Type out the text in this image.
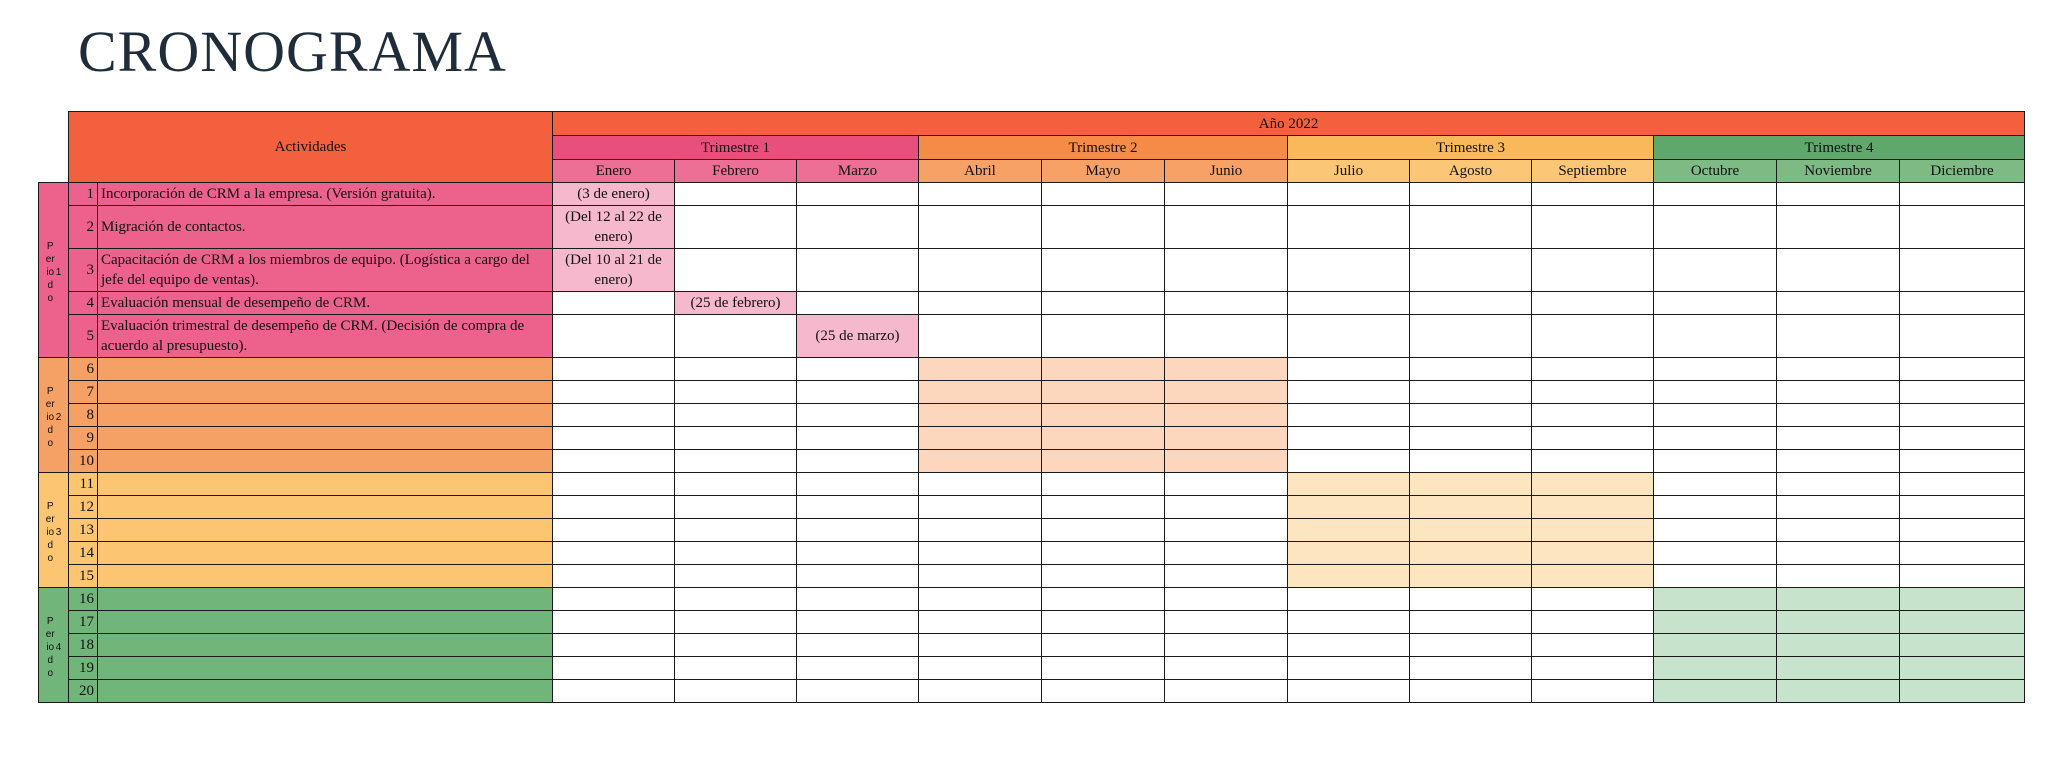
CRONOGRAMA
	Actividades		Año 2022											
			Trimestre 1			Trimestre 2			Trimestre 3			Trimestre 4		
			Enero	Febrero	Marzo	Abril	Mayo	Junio	Julio	Agosto	Septiembre	Octubre	Noviembre	Diciembre

Periodo
1	1	Incorporación de CRM a la empresa. (Versión gratuita).	(3 de enero)											
	2	Migración de contactos.	(Del 12 al 22 de enero)											
	3	Capacitación de CRM a los miembros de equipo. (Logística a cargo del jefe del equipo de ventas).	(Del 10 al 21 de enero)											
	4	Evaluación mensual de desempeño de CRM.		(25 de febrero)										
	5	Evaluación trimestral de desempeño de CRM. (Decisión de compra de acuerdo al presupuesto).			(25 de marzo)									

Periodo
2	6													
	7													
	8													
	9													
	10													

Periodo
3	11													
	12													
	13													
	14													
	15													

Periodo
4	16													
	17													
	18													
	19													
	20													
